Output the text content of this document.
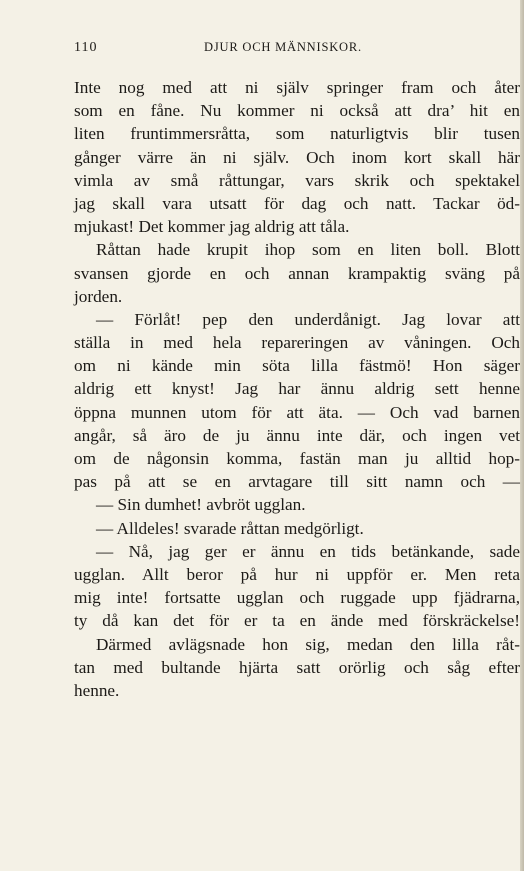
110	DJUR OCH MÄNNISKOR.
Inte nog med att ni själv springer fram och åter
som en fåne. Nu kommer ni också att dra’ hit en
liten fruntimmersråtta, som naturligtvis blir tusen
gånger värre än ni själv. Och inom kort skall här
vimla av små råttungar, vars skrik och spektakel
jag skall vara utsatt för dag och natt. Tackar öd-
mjukast! Det kommer jag aldrig att tåla.
Råttan hade krupit ihop som en liten boll. Blott
svansen gjorde en och annan krampaktig sväng på
jorden.
— Förlåt! pep den underdånigt. Jag lovar att
ställa in med hela repareringen av våningen. Och
om ni kände min söta lilla fästmö! Hon säger
aldrig ett knyst! Jag har ännu aldrig sett henne
öppna munnen utom för att äta. — Och vad barnen
angår, så äro de ju ännu inte där, och ingen vet
om de någonsin komma, fastän man ju alltid hop-
pas på att se en arvtagare till sitt namn och —
— Sin dumhet! avbröt ugglan.
— Alldeles! svarade råttan medgörligt.
— Nå, jag ger er ännu en tids betänkande, sade
ugglan. Allt beror på hur ni uppför er. Men reta
mig inte! fortsatte ugglan och ruggade upp fjädrarna,
ty då kan det för er ta en ände med förskräckelse!
Därmed avlägsnade hon sig, medan den lilla råt-
tan med bultande hjärta satt orörlig och såg efter
henne.
